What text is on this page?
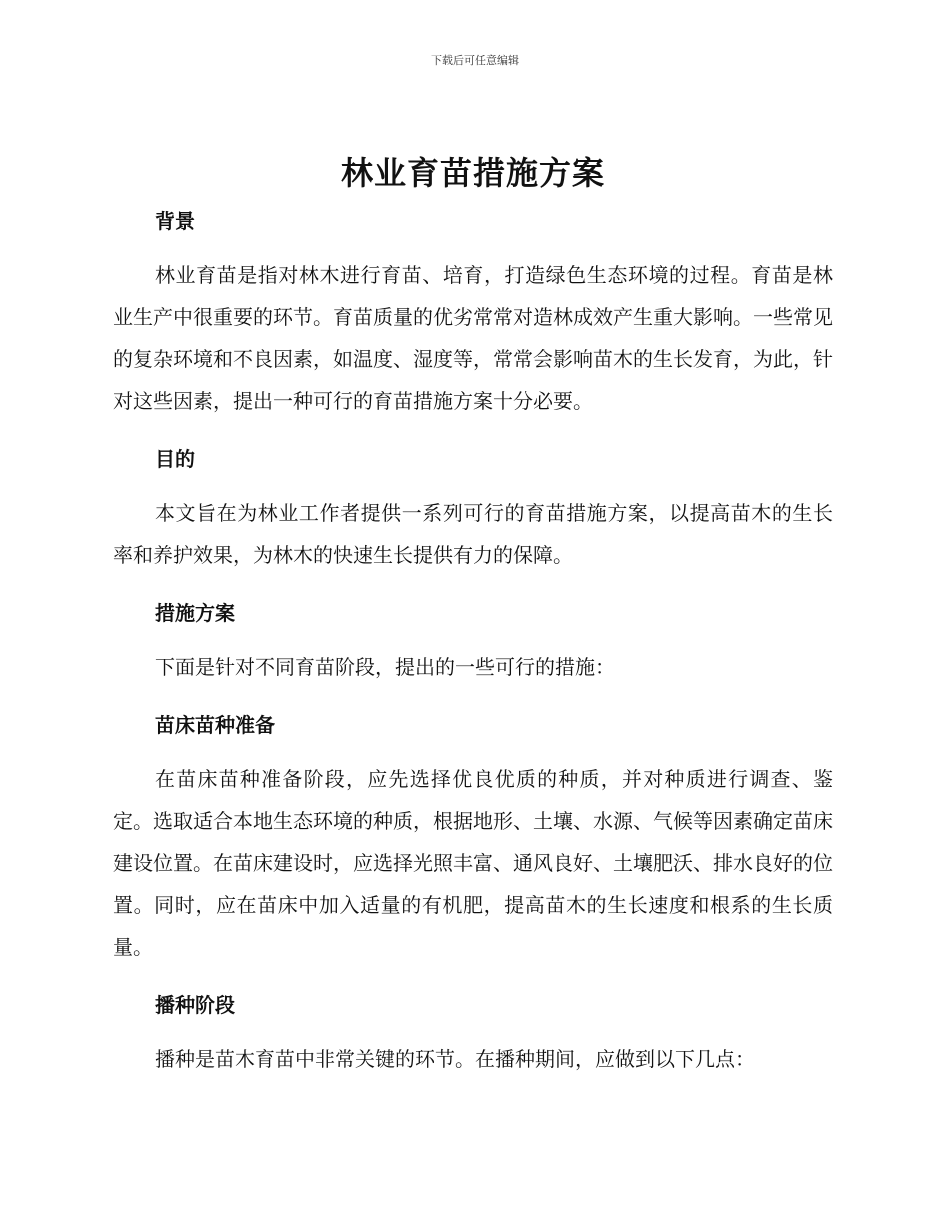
下载后可任意编辑
林业育苗措施方案
背景

林业育苗是指对林木进行育苗、培育，打造绿色生态环境的过程。育苗是林业生产中很重要的环节。育苗质量的优劣常常对造林成效产生重大影响。一些常见的复杂环境和不良因素，如温度、湿度等，常常会影响苗木的生长发育，为此，针对这些因素，提出一种可行的育苗措施方案十分必要。

目的

本文旨在为林业工作者提供一系列可行的育苗措施方案，以提高苗木的生长率和养护效果，为林木的快速生长提供有力的保障。

措施方案

下面是针对不同育苗阶段，提出的一些可行的措施：

苗床苗种准备

在苗床苗种准备阶段，应先选择优良优质的种质，并对种质进行调查、鉴定。选取适合本地生态环境的种质，根据地形、土壤、水源、气候等因素确定苗床建设位置。在苗床建设时，应选择光照丰富、通风良好、土壤肥沃、排水良好的位置。同时，应在苗床中加入适量的有机肥，提高苗木的生长速度和根系的生长质量。

播种阶段

播种是苗木育苗中非常关键的环节。在播种期间，应做到以下几点：
